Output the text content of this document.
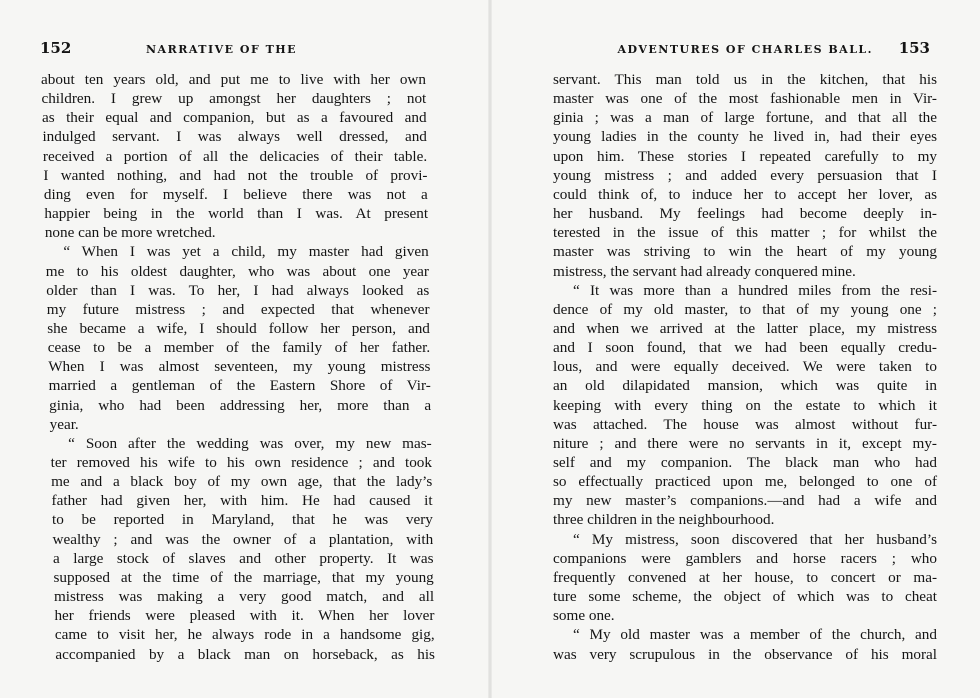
152	NARRATIVE OF THE
about ten years old, and put me to live with her own
children. I grew up amongst her daughters ; not
as their equal and companion, but as a favoured and
indulged servant. I was always well dressed, and
received a portion of all the delicacies of their table.
I wanted nothing, and had not the trouble of provi-
ding even for myself. I believe there was not a
happier being in the world than I was. At present
none can be more wretched.
“ When I was yet a child, my master had given
me to his oldest daughter, who was about one year
older than I was. To her, I had always looked as
my future mistress ; and expected that whenever
she became a wife, I should follow her person, and
cease to be a member of the family of her father.
When I was almost seventeen, my young mistress
married a gentleman of the Eastern Shore of Vir-
ginia, who had been addressing her, more than a
year.
“ Soon after the wedding was over, my new mas-
ter removed his wife to his own residence ; and took
me and a black boy of my own age, that the lady’s
father had given her, with him. He had caused it
to be reported in Maryland, that he was very
wealthy ; and was the owner of a plantation, with
a large stock of slaves and other property. It was
supposed at the time of the marriage, that my young
mistress was making a very good match, and all
her friends were pleased with it. When her lover
came to visit her, he always rode in a handsome gig,
accompanied by a black man on horseback, as his
ADVENTURES OF CHARLES BALL. 153
servant. This man told us in the kitchen, that his
master was one of the most fashionable men in Vir-
ginia ; was a man of large fortune, and that all the
young ladies in the county he lived in, had their eyes
upon him. These stories I repeated carefully to my
young mistress ; and added every persuasion that I
could think of, to induce her to accept her lover, as
her husband. My feelings had become deeply in-
terested in the issue of this matter ; for whilst the
master was striving to win the heart of my young
mistress, the servant had already conquered mine.
“ It was more than a hundred miles from the resi-
dence of my old master, to that of my young one ;
and when we arrived at the latter place, my mistress
and I soon found, that we had been equally credu-
lous, and were equally deceived. We were taken to
an old dilapidated mansion, which was quite in
keeping with every thing on the estate to which it
was attached. The house was almost without fur-
niture ; and there were no servants in it, except my-
self and my companion. The black man who had
so effectually practiced upon me, belonged to one of
my new master’s companions.—and had a wife and
three children in the neighbourhood.
“ My mistress, soon discovered that her husband’s
companions were gamblers and horse racers ; who
frequently convened at her house, to concert or ma-
ture some scheme, the object of which was to cheat
some one.
“ My old master was a member of the church, and
was very scrupulous in the observance of his moral
